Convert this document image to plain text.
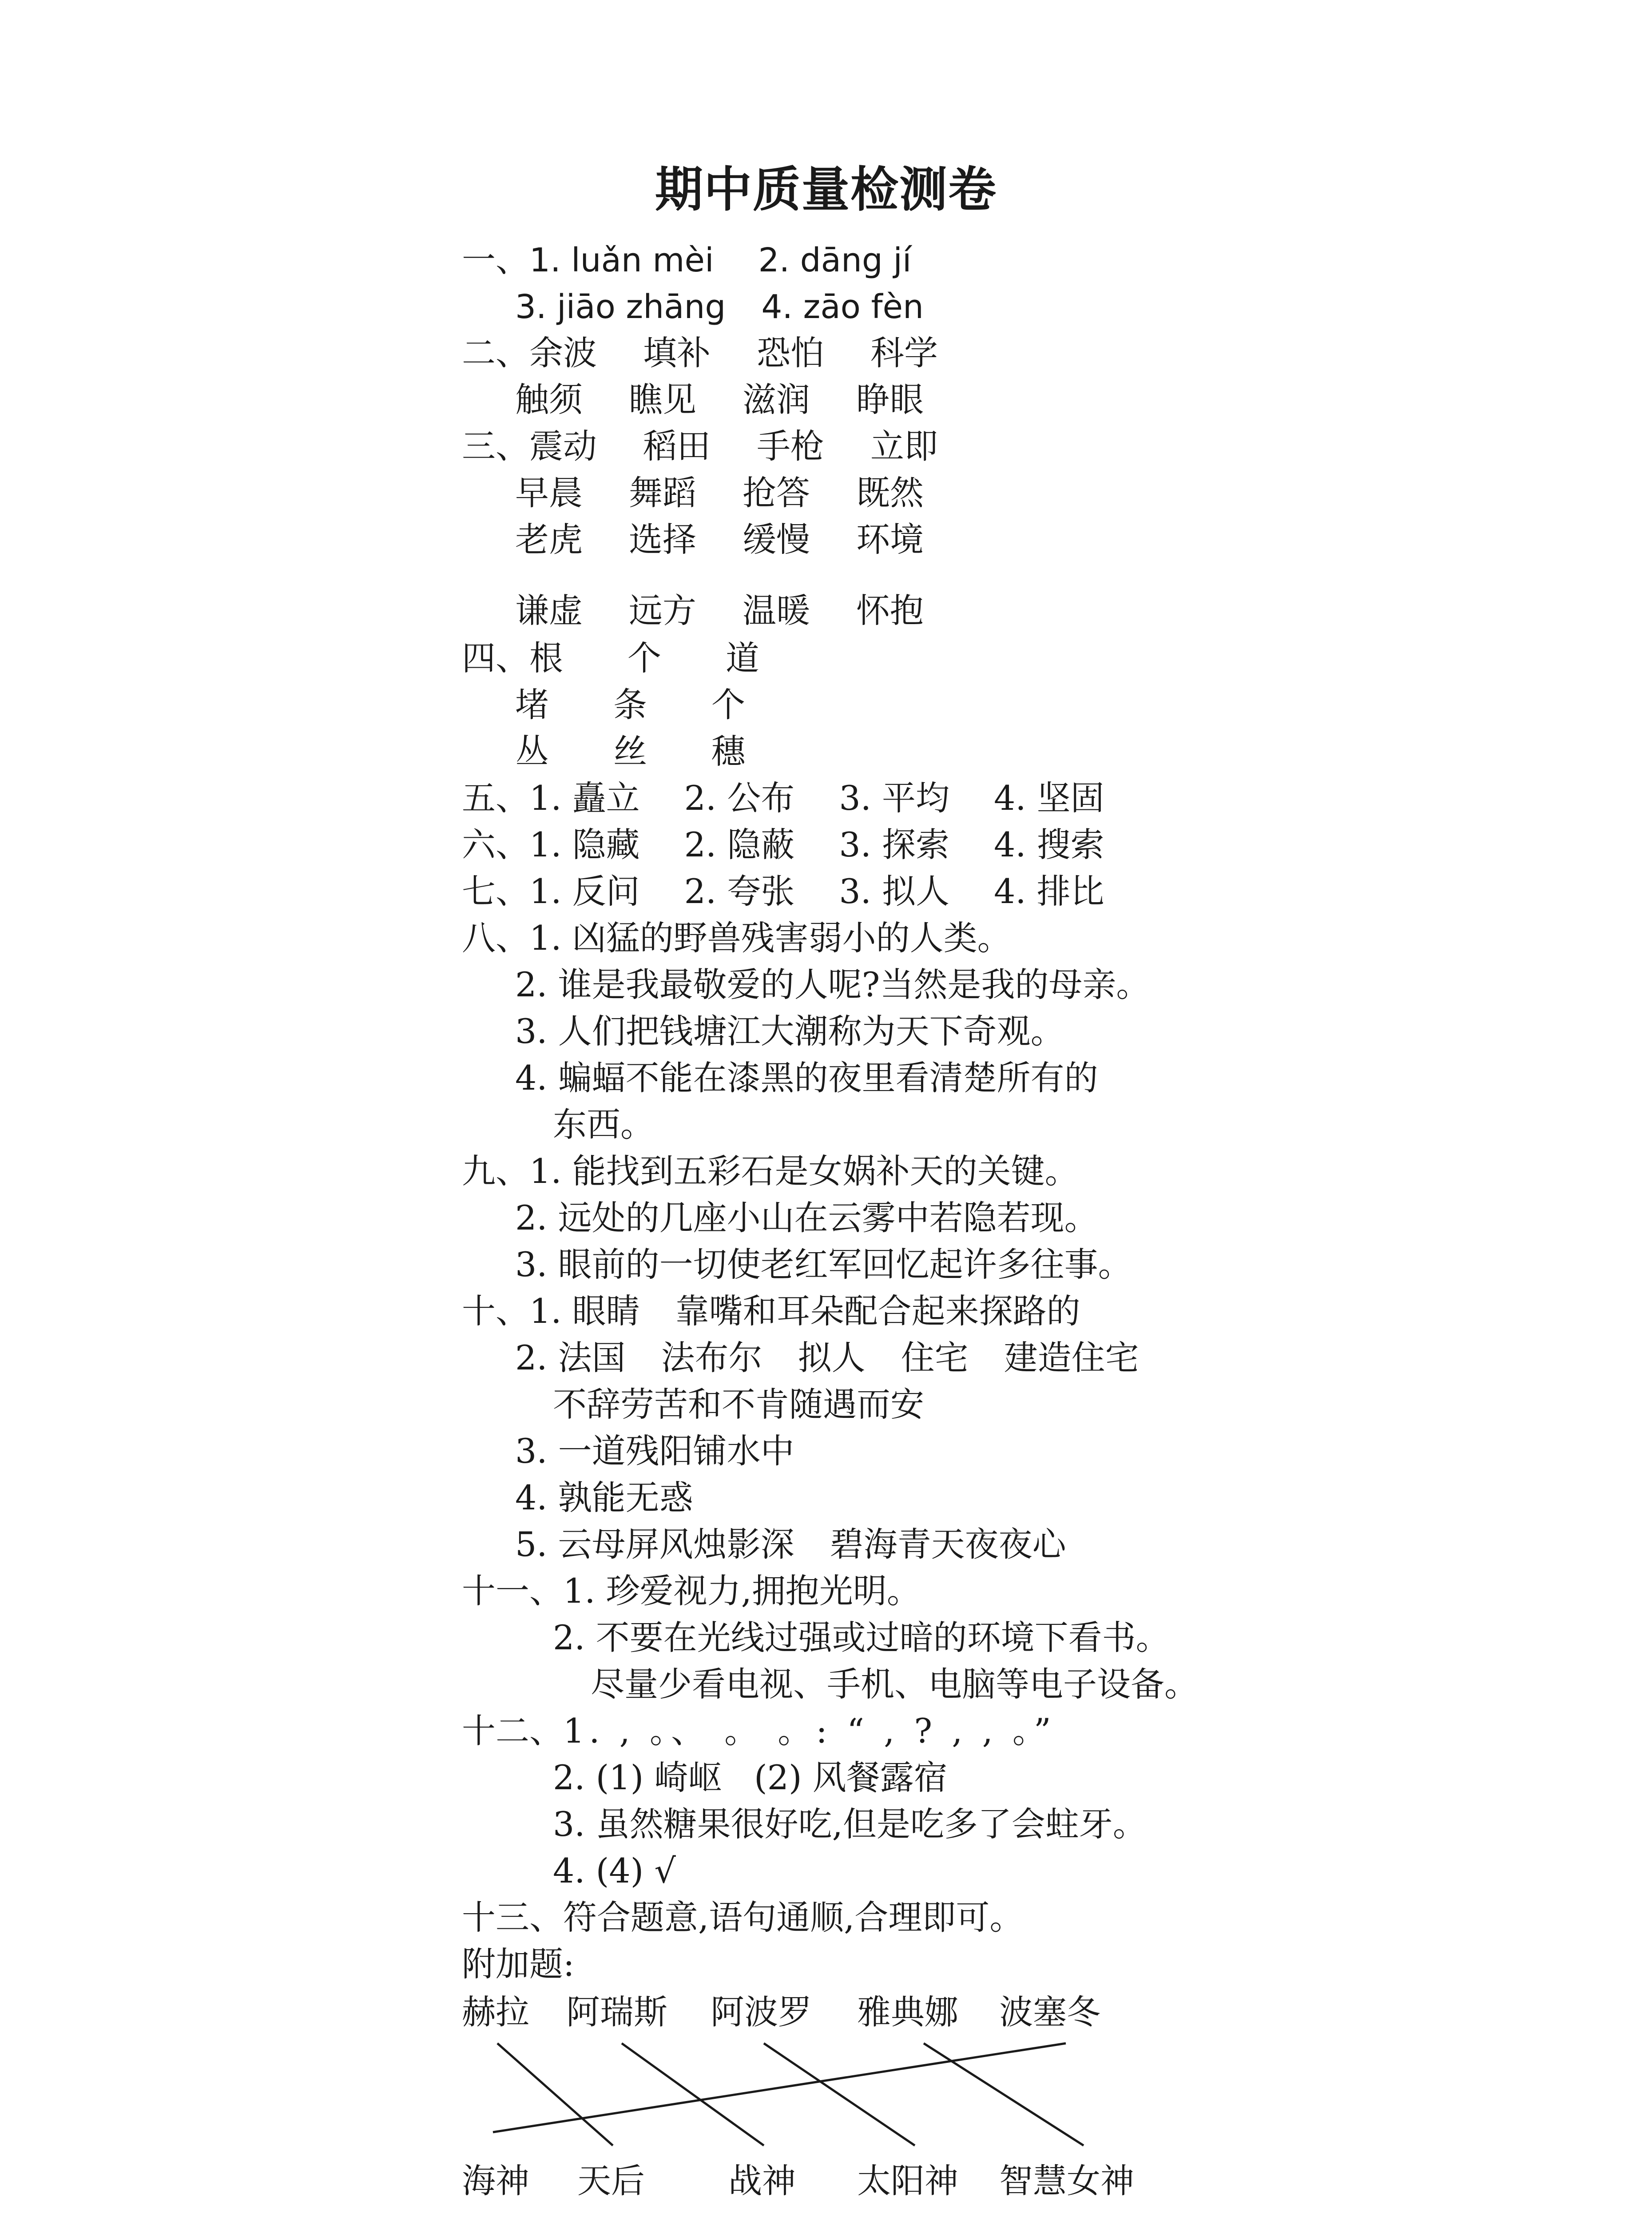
期中质量检测卷
一、1. luǎn mèi 2. dāng jí
3. jiāo zhāng 4. zāo fèn
二、余波 填补 恐怕 科学
触须 瞧见 滋润 睁眼
三、震动 稻田 手枪 立即
早晨 舞蹈 抢答 既然
老虎 选择 缓慢 环境
谦虚 远方 温暖 怀抱
四、根 个 道
堵 条 个
丛 丝 穗
五、1. 矗立 2. 公布 3. 平均 4. 坚固
六、1. 隐藏 2. 隐蔽 3. 探索 4. 搜索
七、1. 反问 2. 夸张 3. 拟人 4. 排比
八、1. 凶猛的野兽残害弱小的人类。
2. 谁是我最敬爱的人呢?当然是我的母亲。
3. 人们把钱塘江大潮称为天下奇观。
4. 蝙蝠不能在漆黑的夜里看清楚所有的
东西。
九、1. 能找到五彩石是女娲补天的关键。
2. 远处的几座小山在云雾中若隐若现。
3. 眼前的一切使老红军回忆起许多往事。
十、1. 眼睛 靠嘴和耳朵配合起来探路的
2. 法国 法布尔 拟人 住宅 建造住宅
不辞劳苦和不肯随遇而安
3. 一道残阳铺水中
4. 孰能无惑
5. 云母屏风烛影深 碧海青天夜夜心
十一、1. 珍爱视力,拥抱光明。
2. 不要在光线过强或过暗的环境下看书。
尽量少看电视、手机、电脑等电子设备。
十二、1. , 。、 。 。: “ , ? , , 。”
2. (1) 崎岖   (2) 风餐露宿
3. 虽然糖果很好吃,但是吃多了会蛀牙。
4. (4) √
十三、符合题意,语句通顺,合理即可。
附加题:
赫拉 阿瑞斯 阿波罗 雅典娜 波塞冬
海神 天后 战神 太阳神 智慧女神
